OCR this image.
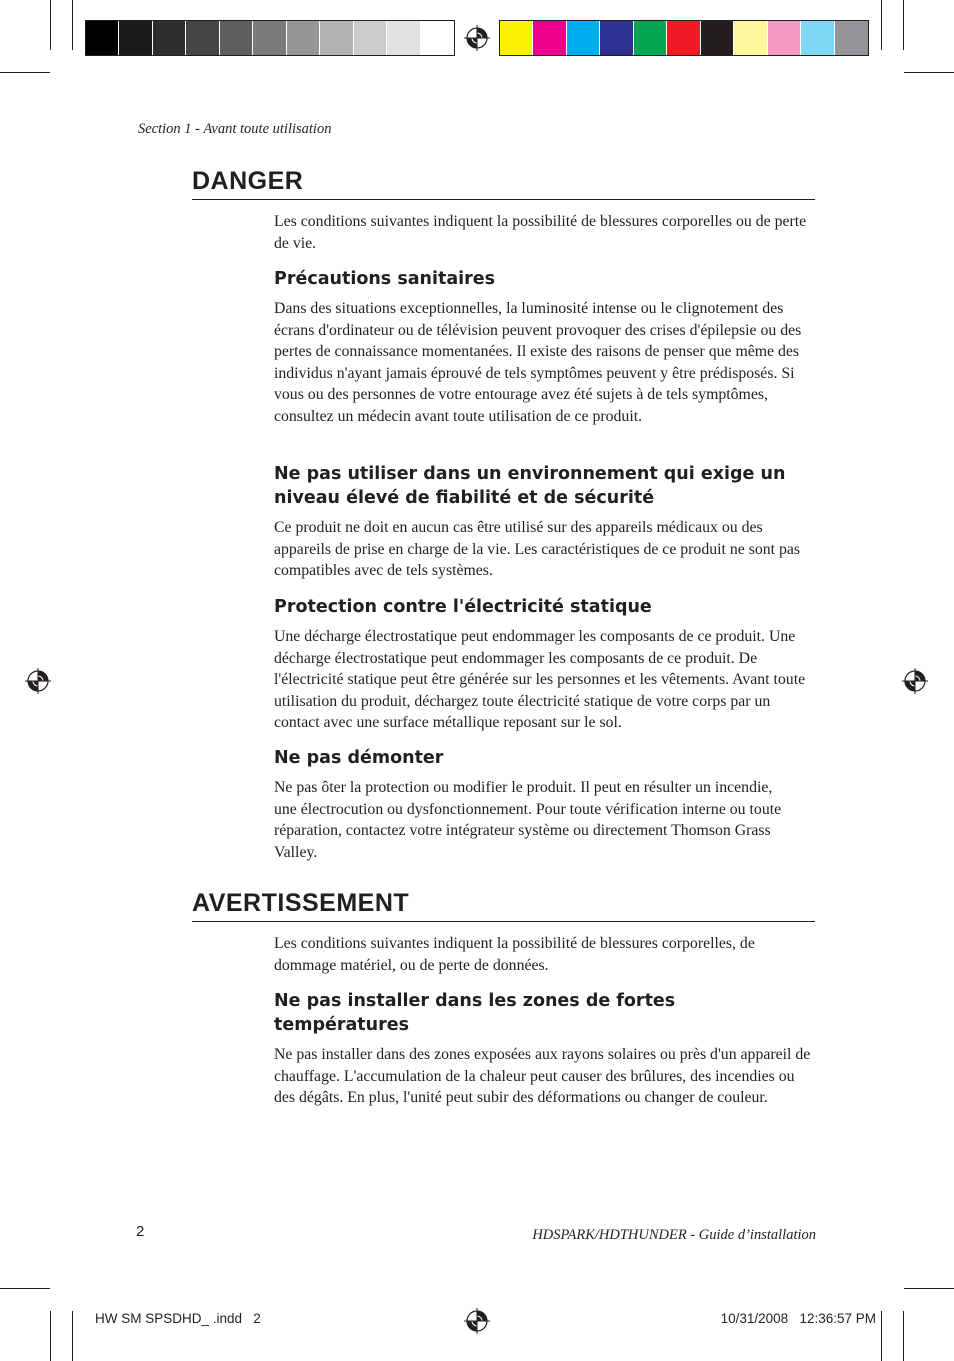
Section 1 - Avant toute utilisation
DANGER
Les conditions suivantes indiquent la possibilité de blessures corporelles ou de perte de vie.
Précautions sanitaires
Dans des situations exceptionnelles, la luminosité intense ou le clignotement des écrans d'ordinateur ou de télévision peuvent provoquer des crises d'épilepsie ou des pertes de connaissance momentanées. Il existe des raisons de penser que même des individus n'ayant jamais éprouvé de tels symptômes peuvent y être prédisposés. Si vous ou des personnes de votre entourage avez été sujets à de tels symptômes, consultez un médecin avant toute utilisation de ce produit.
Ne pas utiliser dans un environnement qui exige un niveau élevé de fiabilité et de sécurité
Ce produit ne doit en aucun cas être utilisé sur des appareils médicaux ou des appareils de prise en charge de la vie. Les caractéristiques de ce produit ne sont pas compatibles avec de tels systèmes.
Protection contre l'électricité statique
Une décharge électrostatique peut endommager les composants de ce produit. Une décharge électrostatique peut endommager les composants de ce produit. De l'électricité statique peut être générée sur les personnes et les vêtements. Avant toute utilisation du produit, déchargez toute électricité statique de votre corps par un contact avec une surface métallique reposant sur le sol.
Ne pas démonter
Ne pas ôter la protection ou modifier le produit. Il peut en résulter un incendie, une électrocution ou dysfonctionnement. Pour toute vérification interne ou toute réparation, contactez votre intégrateur système ou directement Thomson Grass Valley.
AVERTISSEMENT
Les conditions suivantes indiquent la possibilité de blessures corporelles, de dommage matériel, ou de perte de données.
Ne pas installer dans les zones de fortes températures
Ne pas installer dans des zones exposées aux rayons solaires ou près d'un appareil de chauffage. L'accumulation de la chaleur peut causer des brûlures, des incendies ou des dégâts. En plus, l'unité peut subir des déformations ou changer de couleur.
2	HDSPARK/HDTHUNDER - Guide d’installation
HW SM SPSDHD_ .indd   2	10/31/2008   12:36:57 PM
